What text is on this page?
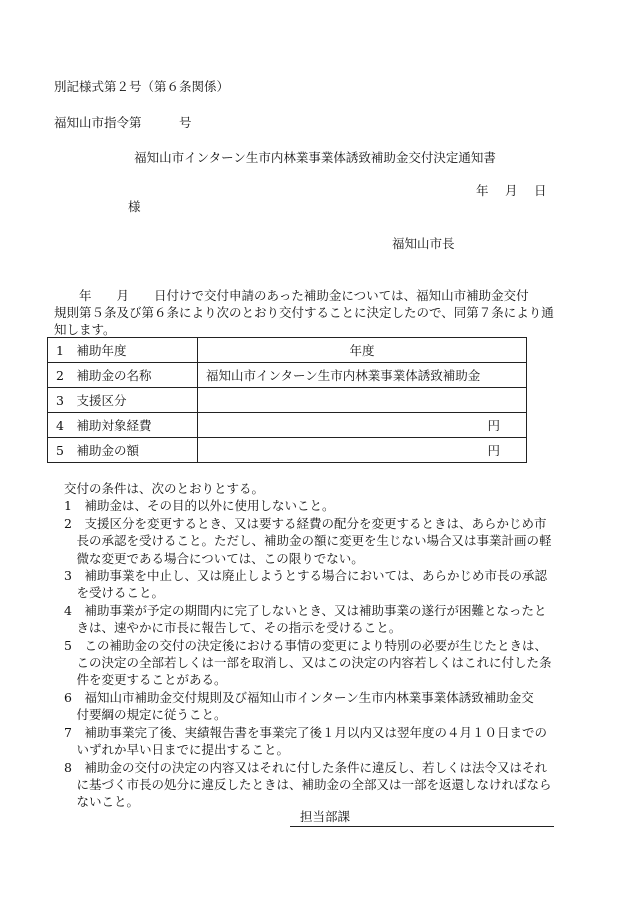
別記様式第２号（第６条関係）
福知山市指令第　　　号
福知山市インターン生市内林業事業体誘致補助金交付決定通知書
年　 月　 日
様
福知山市長
　　年　　月　　日付けで交付申請のあった補助金については、福知山市補助金交付
規則第５条及び第６条により次のとおり交付することに決定したので、同第７条により通
知します。
1　補助年度	年度
2　補助金の名称	福知山市インターン生市内林業事業体誘致補助金
3　支援区分	
4　補助対象経費	円
5　補助金の額	円
交付の条件は、次のとおりとする。
1　補助金は、その目的以外に使用しないこと。
2　支援区分を変更するとき、又は要する経費の配分を変更するときは、あらかじめ市
　長の承認を受けること。ただし、補助金の額に変更を生じない場合又は事業計画の軽
　微な変更である場合については、この限りでない。
3　補助事業を中止し、又は廃止しようとする場合においては、あらかじめ市長の承認
　を受けること。
4　補助事業が予定の期間内に完了しないとき、又は補助事業の遂行が困難となったと
　きは、速やかに市長に報告して、その指示を受けること。
5　この補助金の交付の決定後における事情の変更により特別の必要が生じたときは、
　この決定の全部若しくは一部を取消し、又はこの決定の内容若しくはこれに付した条
　件を変更することがある。
6　福知山市補助金交付規則及び福知山市インターン生市内林業事業体誘致補助金交
　付要綱の規定に従うこと。
7　補助事業完了後、実績報告書を事業完了後１月以内又は翌年度の４月１０日までの
　いずれか早い日までに提出すること。
8　補助金の交付の決定の内容又はそれに付した条件に違反し、若しくは法令又はそれ
　に基づく市長の処分に違反したときは、補助金の全部又は一部を返還しなければなら
　ないこと。
担当部課
